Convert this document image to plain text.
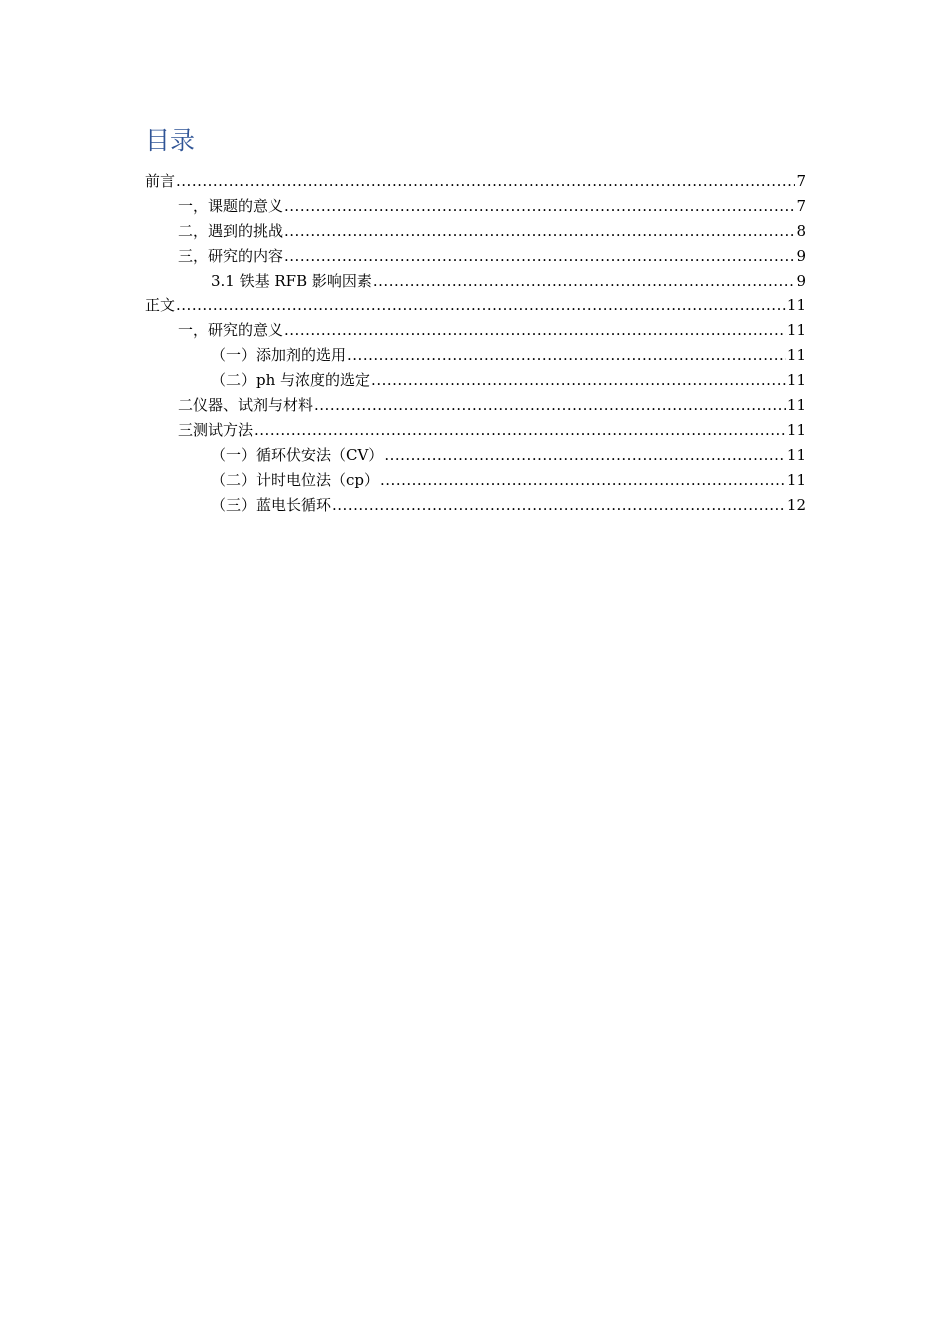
目录
前言 .....	7
一，课题的意义 .....	7
二，遇到的挑战 .....	8
三，研究的内容 .....	9
3.1 铁基 RFB 影响因素 .....	9
正文 .....	11
一，研究的意义 .....	11
（一）添加剂的选用 .....	11
（二）ph 与浓度的选定 .....	11
二仪器、试剂与材料 .....	11
三测试方法 .....	11
（一）循环伏安法（CV） .....	11
（二）计时电位法（cp） .....	11
（三）蓝电长循环 .....	12
